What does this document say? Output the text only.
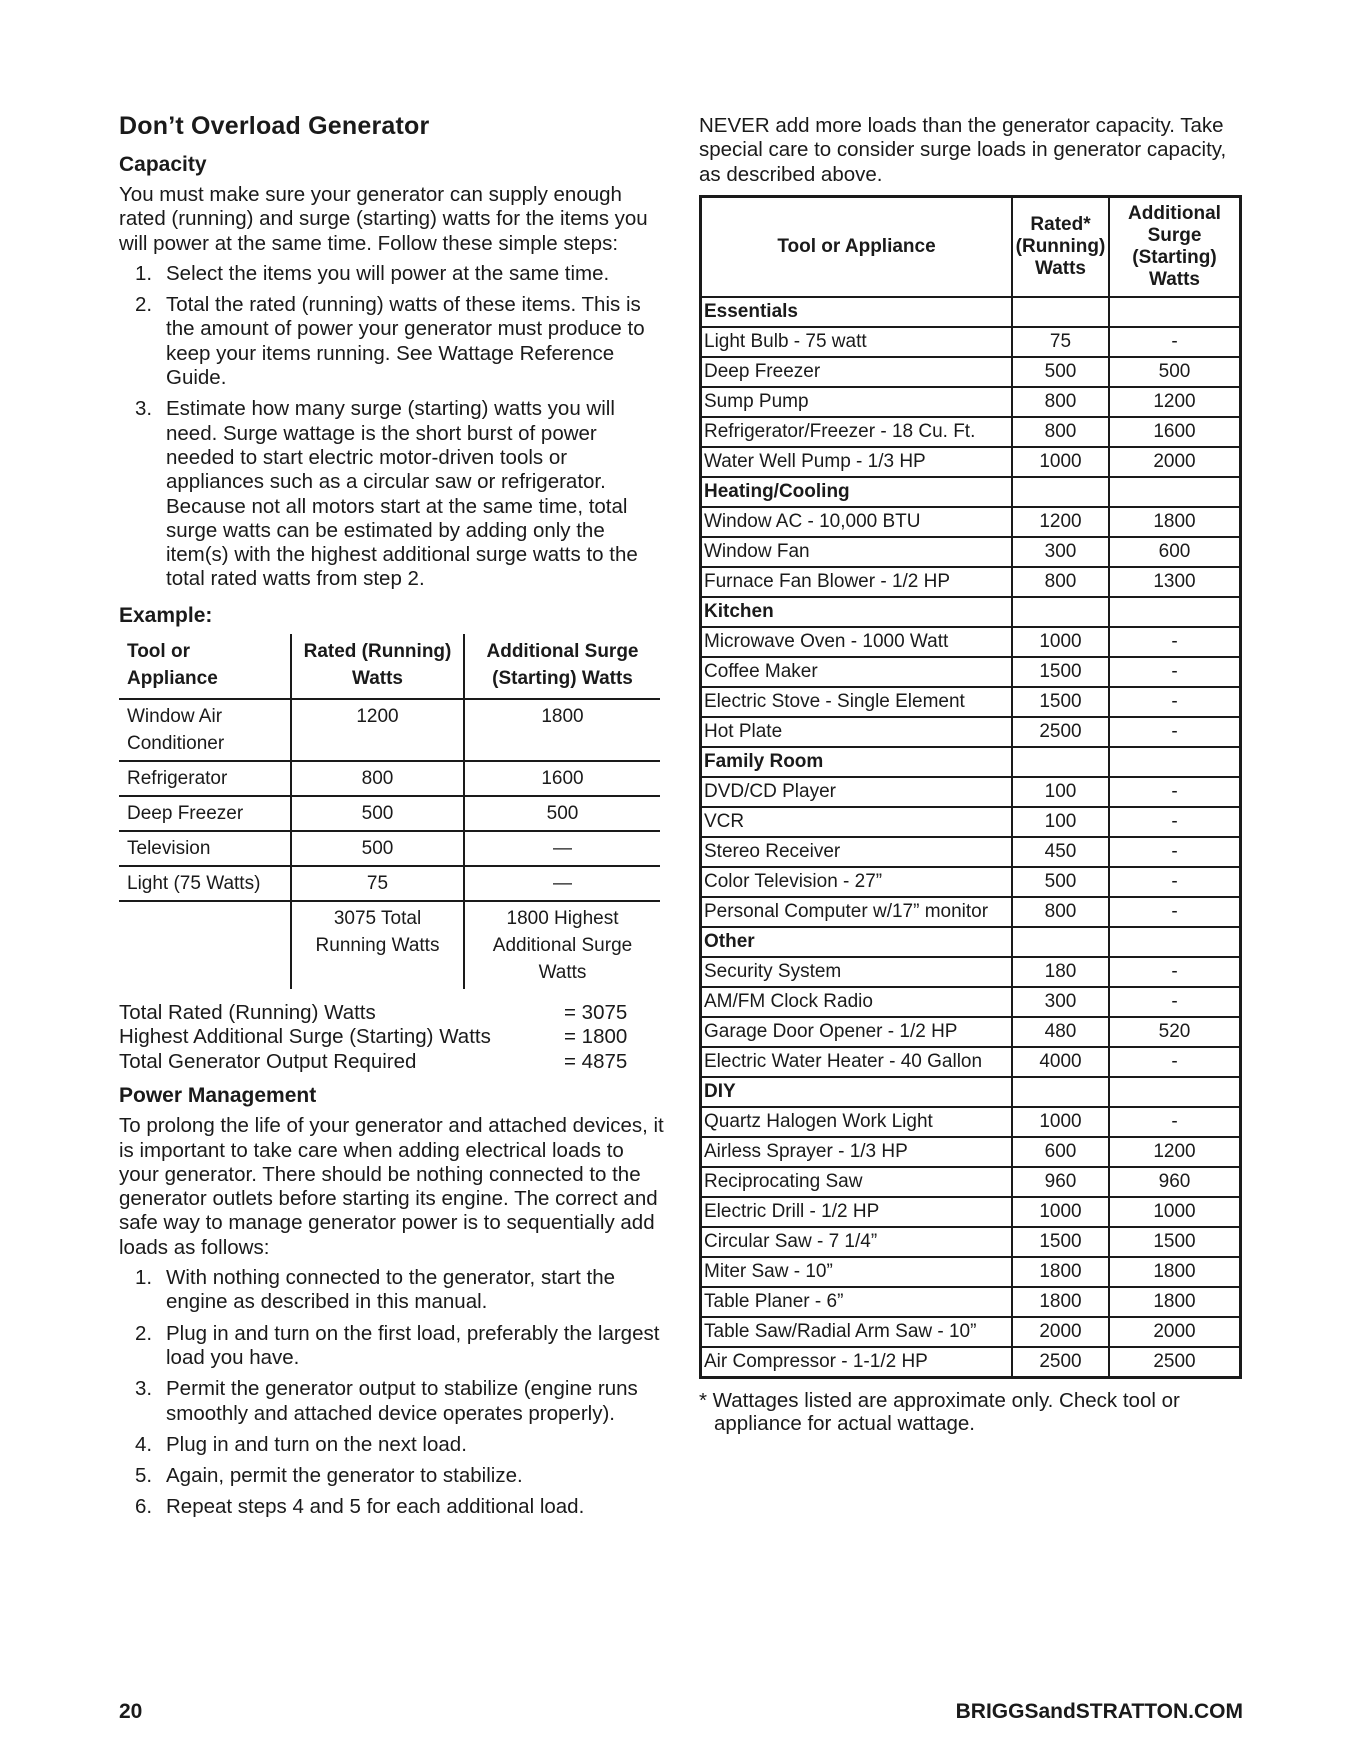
Don’t Overload Generator
Capacity

You must make sure your generator can supply enough rated (running) and surge (starting) watts for the items you will power at the same time. Follow these simple steps:

1. Select the items you will power at the same time.
2. Total the rated (running) watts of these items. This is the amount of power your generator must produce to keep your items running. See Wattage Reference Guide.
3. Estimate how many surge (starting) watts you will need. Surge wattage is the short burst of power needed to start electric motor-driven tools or appliances such as a circular saw or refrigerator. Because not all motors start at the same time, total surge watts can be estimated by adding only the item(s) with the highest additional surge watts to the total rated watts from step 2.
Example:
Tool or Appliance	Rated (Running) Watts	Additional Surge (Starting) Watts
Window Air Conditioner	1200	1800
Refrigerator	800	1600
Deep Freezer	500	500
Television	500	—
Light (75 Watts)	75	—
	3075 Total Running Watts	1800 Highest Additional Surge Watts
Total Rated (Running) Watts	= 3075
Highest Additional Surge (Starting) Watts	= 1800
Total Generator Output Required	= 4875
Power Management

To prolong the life of your generator and attached devices, it is important to take care when adding electrical loads to your generator. There should be nothing connected to the generator outlets before starting its engine. The correct and safe way to manage generator power is to sequentially add loads as follows:

1. With nothing connected to the generator, start the engine as described in this manual.
2. Plug in and turn on the first load, preferably the largest load you have.
3. Permit the generator output to stabilize (engine runs smoothly and attached device operates properly).
4. Plug in and turn on the next load.
5. Again, permit the generator to stabilize.
6. Repeat steps 4 and 5 for each additional load.

NEVER add more loads than the generator capacity. Take special care to consider surge loads in generator capacity, as described above.

Tool or Appliance	Rated* (Running) Watts	Additional Surge (Starting) Watts
Essentials		
Light Bulb - 75 watt	75	-
Deep Freezer	500	500
Sump Pump	800	1200
Refrigerator/Freezer - 18 Cu. Ft.	800	1600
Water Well Pump - 1/3 HP	1000	2000
Heating/Cooling		
Window AC - 10,000 BTU	1200	1800
Window Fan	300	600
Furnace Fan Blower - 1/2 HP	800	1300
Kitchen		
Microwave Oven - 1000 Watt	1000	-
Coffee Maker	1500	-
Electric Stove - Single Element	1500	-
Hot Plate	2500	-
Family Room		
DVD/CD Player	100	-
VCR	100	-
Stereo Receiver	450	-
Color Television - 27”	500	-
Personal Computer w/17” monitor	800	-
Other		
Security System	180	-
AM/FM Clock Radio	300	-
Garage Door Opener - 1/2 HP	480	520
Electric Water Heater - 40 Gallon	4000	-
DIY		
Quartz Halogen Work Light	1000	-
Airless Sprayer - 1/3 HP	600	1200
Reciprocating Saw	960	960
Electric Drill - 1/2 HP	1000	1000
Circular Saw - 7 1/4”	1500	1500
Miter Saw - 10”	1800	1800
Table Planer - 6”	1800	1800
Table Saw/Radial Arm Saw - 10”	2000	2000
Air Compressor - 1-1/2 HP	2500	2500
* Wattages listed are approximate only. Check tool or appliance for actual wattage.
20	BRIGGSandSTRATTON.COM
